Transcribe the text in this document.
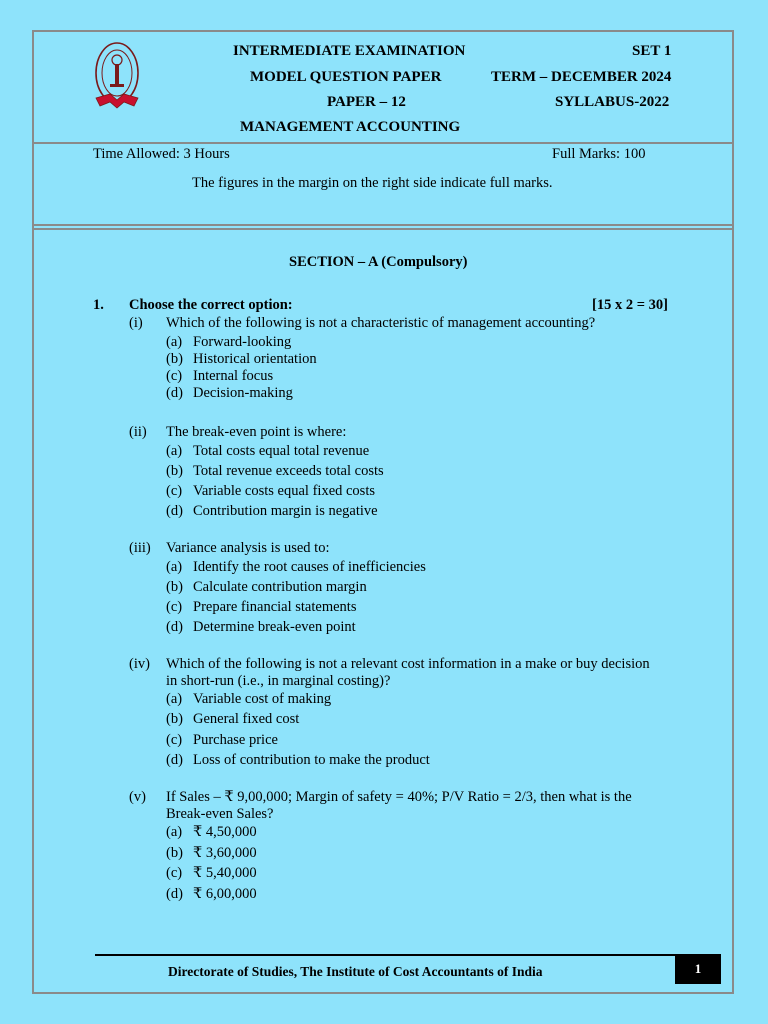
INTERMEDIATE EXAMINATION	SET 1
MODEL QUESTION PAPER	TERM – DECEMBER 2024
PAPER – 12	SYLLABUS-2022
MANAGEMENT ACCOUNTING
Time Allowed: 3 Hours	Full Marks: 100
The figures in the margin on the right side indicate full marks.
SECTION – A (Compulsory)
1. Choose the correct option:	[15 x 2 = 30]
(i) Which of the following is not a characteristic of management accounting?
(a) Forward-looking
(b) Historical orientation
(c) Internal focus
(d) Decision-making
(ii) The break-even point is where:
(a) Total costs equal total revenue
(b) Total revenue exceeds total costs
(c) Variable costs equal fixed costs
(d) Contribution margin is negative
(iii) Variance analysis is used to:
(a) Identify the root causes of inefficiencies
(b) Calculate contribution margin
(c) Prepare financial statements
(d) Determine break-even point
(iv) Which of the following is not a relevant cost information in a make or buy decision
in short-run (i.e., in marginal costing)?
(a) Variable cost of making
(b) General fixed cost
(c) Purchase price
(d) Loss of contribution to make the product
(v) If Sales – ₹ 9,00,000; Margin of safety = 40%; P/V Ratio = 2/3, then what is the
Break-even Sales?
(a) ₹ 4,50,000
(b) ₹ 3,60,000
(c) ₹ 5,40,000
(d) ₹ 6,00,000
Directorate of Studies, The Institute of Cost Accountants of India	1
